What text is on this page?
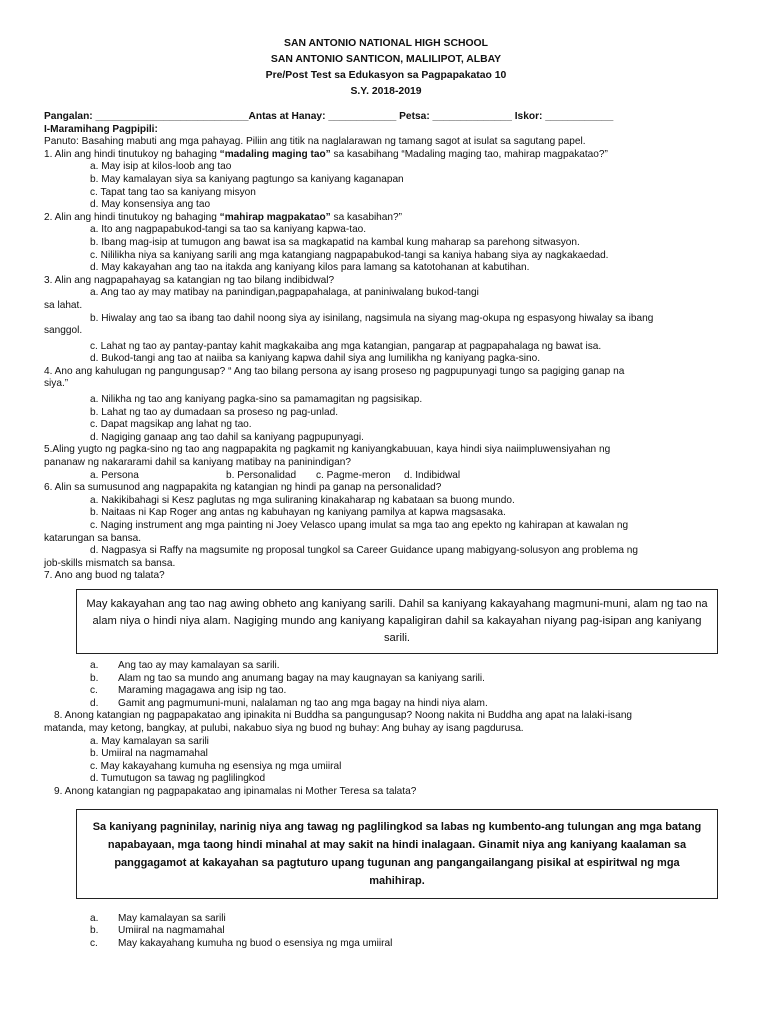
SAN ANTONIO NATIONAL HIGH SCHOOL
SAN ANTONIO SANTICON, MALILIPOT, ALBAY
Pre/Post Test sa Edukasyon sa Pagpapakatao 10
S.Y. 2018-2019
Pangalan: ___________________________Antas at Hanay: ____________ Petsa: ______________ Iskor: ____________
I-Maramihang Pagpipili:
Panuto: Basahing mabuti ang mga pahayag. Piliin ang titik na naglalarawan ng tamang sagot at isulat sa sagutang papel.
1. Alin ang hindi tinutukoy ng bahaging “madaling maging tao” sa kasabihang “Madaling maging tao, mahirap magpakatao?”
a. May isip at kilos-loob ang tao
b. May kamalayan siya sa kaniyang pagtungo sa kaniyang kaganapan
c. Tapat tang tao sa kaniyang misyon
d. May konsensiya ang tao
2. Alin ang hindi tinutukoy ng bahaging “mahirap magpakatao” sa kasabihan?”
a. Ito ang nagpapabukod-tangi sa tao sa kaniyang kapwa-tao.
b. Ibang mag-isip at tumugon ang bawat isa sa magkapatid na kambal kung maharap sa parehong sitwasyon.
c. Nililikha niya sa kaniyang sarili ang mga katangiang nagpapabukod-tangi sa kaniya habang siya ay nagkakaedad.
d. May kakayahan ang tao na itakda ang kaniyang kilos para lamang sa katotohanan at kabutihan.
3. Alin ang nagpapahayag sa katangian ng tao bilang indibidwal?
a. Ang tao ay may matibay na panindigan,pagpapahalaga, at paniniwalang bukod-tangi
sa lahat.
b. Hiwalay ang tao sa ibang tao dahil noong siya ay isinilang, nagsimula na siyang mag-okupa ng espasyong hiwalay sa ibang
sanggol.
c. Lahat ng tao ay pantay-pantay kahit magkakaiba ang mga katangian, pangarap at pagpapahalaga ng bawat isa.
d. Bukod-tangi ang tao at naiiba sa kaniyang kapwa dahil siya ang lumilikha ng kaniyang pagka-sino.
4. Ano ang kahulugan ng pangungusap? “ Ang tao bilang persona ay isang proseso ng pagpupunyagi tungo sa pagiging ganap na
siya.”
a. Nilikha ng tao ang kaniyang pagka-sino sa pamamagitan ng pagsisikap.
b. Lahat ng tao ay dumadaan sa proseso ng pag-unlad.
c. Dapat magsikap ang lahat ng tao.
d. Nagiging ganaap ang tao dahil sa kaniyang pagpupunyagi.
5.Aling yugto ng pagka-sino ng tao ang nagpapakita ng pagkamit ng kaniyangkabuuan, kaya hindi siya naiimpluwensiyahan ng
pananaw ng nakararami dahil sa kaniyang matibay na paninindigan?
a. Persona	b. Personalidad c. Pagme-meron d. Indibidwal
6. Alin sa sumusunod ang nagpapakita ng katangian ng hindi pa ganap na personalidad?
a. Nakikibahagi si Kesz paglutas ng mga suliraning kinakaharap ng kabataan sa buong mundo.
b. Naitaas ni Kap Roger ang antas ng kabuhayan ng kaniyang pamilya at kapwa magsasaka.
c. Naging instrument ang mga painting ni Joey Velasco upang imulat sa mga tao ang epekto ng kahirapan at kawalan ng
katarungan sa bansa.
d. Nagpasya si Raffy na magsumite ng proposal tungkol sa Career Guidance upang mabigyang-solusyon ang problema ng
job-skills mismatch sa bansa.
7. Ano ang buod ng talata?
May kakayahan ang tao nag awing obheto ang kaniyang sarili. Dahil sa kaniyang kakayahang magmuni-muni, alam ng tao na alam niya o hindi niya alam. Nagiging mundo ang kaniyang kapaligiran dahil sa kakayahan niyang pag-isipan ang kaniyang sarili.
a. Ang tao ay may kamalayan sa sarili.
b. Alam ng tao sa mundo ang anumang bagay na may kaugnayan sa kaniyang sarili.
c. Maraming magagawa ang isip ng tao.
d. Gamit ang pagmumuni-muni, nalalaman ng tao ang mga bagay na hindi niya alam.
8. Anong katangian ng pagpapakatao ang ipinakita ni Buddha sa pangungusap? Noong nakita ni Buddha ang apat na lalaki-isang
matanda, may ketong, bangkay, at pulubi, nakabuo siya ng buod ng buhay: Ang buhay ay isang pagdurusa.
a. May kamalayan sa sarili
b. Umiiral na nagmamahal
c. May kakayahang kumuha ng esensiya ng mga umiiral
d. Tumutugon sa tawag ng paglilingkod
9. Anong katangian ng pagpapakatao ang ipinamalas ni Mother Teresa sa talata?
Sa kaniyang pagninilay, narinig niya ang tawag ng paglilingkod sa labas ng kumbento-ang tulungan ang mga batang napabayaan, mga taong hindi minahal at may sakit na hindi inalagaan. Ginamit niya ang kaniyang kaalaman sa panggagamot at kakayahan sa pagtuturo upang tugunan ang pangangailangang pisikal at espiritwal ng mga mahihirap.
a. May kamalayan sa sarili
b. Umiiral na nagmamahal
c. May kakayahang kumuha ng buod o esensiya ng mga umiiral
